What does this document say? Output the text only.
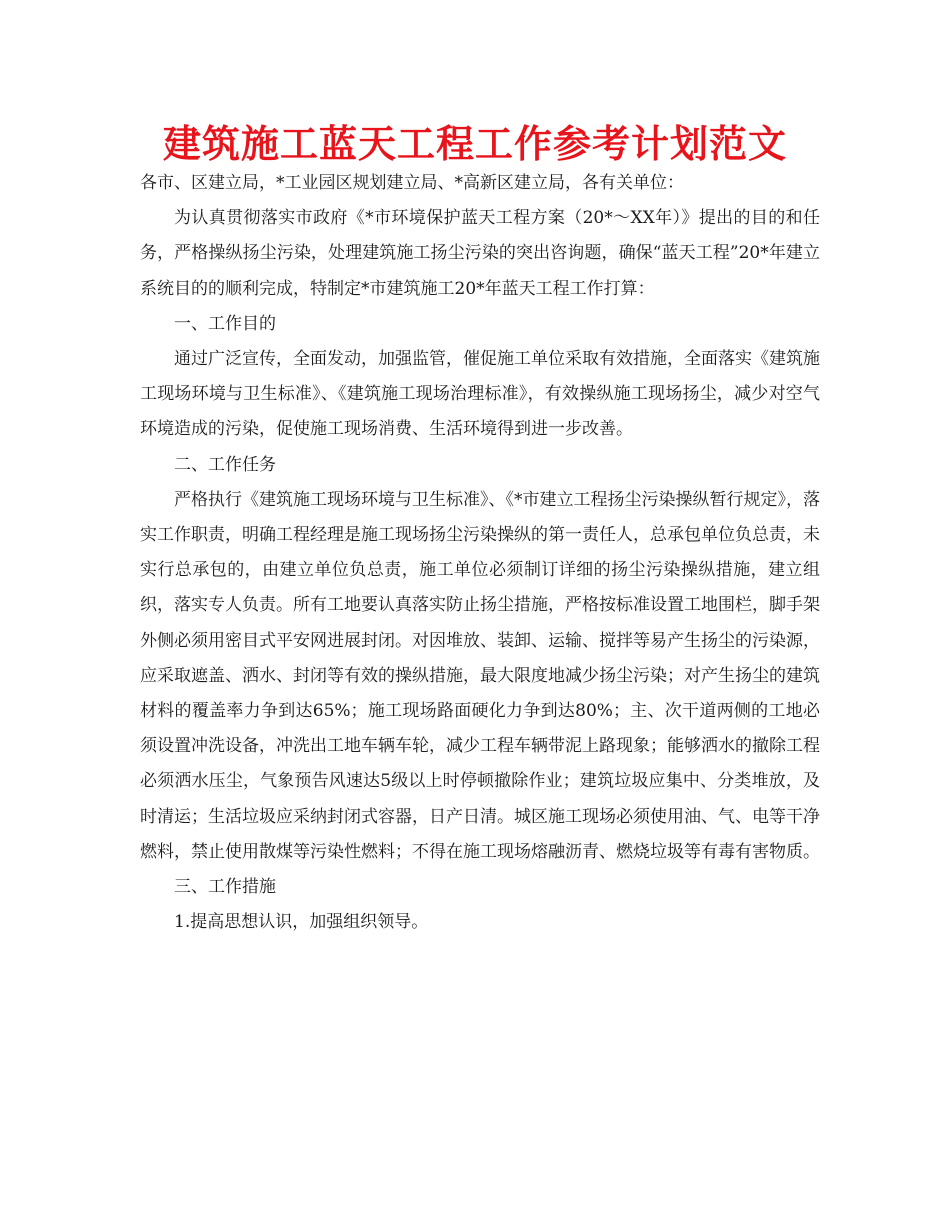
建筑施工蓝天工程工作参考计划范文

各市、区建立局，*工业园区规划建立局、*高新区建立局，各有关单位：

为认真贯彻落实市政府《*市环境保护蓝天工程方案（20*～XX年）》提出的目的和任务，严格操纵扬尘污染，处理建筑施工扬尘污染的突出咨询题，确保“蓝天工程”20*年建立系统目的的顺利完成，特制定*市建筑施工20*年蓝天工程工作打算：

一、工作目的

通过广泛宣传，全面发动，加强监管，催促施工单位采取有效措施，全面落实《建筑施工现场环境与卫生标准》、《建筑施工现场治理标准》，有效操纵施工现场扬尘，减少对空气环境造成的污染，促使施工现场消费、生活环境得到进一步改善。

二、工作任务

严格执行《建筑施工现场环境与卫生标准》、《*市建立工程扬尘污染操纵暂行规定》，落实工作职责，明确工程经理是施工现场扬尘污染操纵的第一责任人，总承包单位负总责，未实行总承包的，由建立单位负总责，施工单位必须制订详细的扬尘污染操纵措施，建立组织，落实专人负责。所有工地要认真落实防止扬尘措施，严格按标准设置工地围栏，脚手架外侧必须用密目式平安网进展封闭。对因堆放、装卸、运输、搅拌等易产生扬尘的污染源，应采取遮盖、洒水、封闭等有效的操纵措施，最大限度地减少扬尘污染；对产生扬尘的建筑材料的覆盖率力争到达65%；施工现场路面硬化力争到达80%；主、次干道两侧的工地必须设置冲洗设备，冲洗出工地车辆车轮，减少工程车辆带泥上路现象；能够洒水的撤除工程必须洒水压尘，气象预告风速达5级以上时停顿撤除作业；建筑垃圾应集中、分类堆放，及时清运；生活垃圾应采纳封闭式容器，日产日清。城区施工现场必须使用油、气、电等干净燃料，禁止使用散煤等污染性燃料；不得在施工现场熔融沥青、燃烧垃圾等有毒有害物质。

三、工作措施

1.提高思想认识，加强组织领导。
